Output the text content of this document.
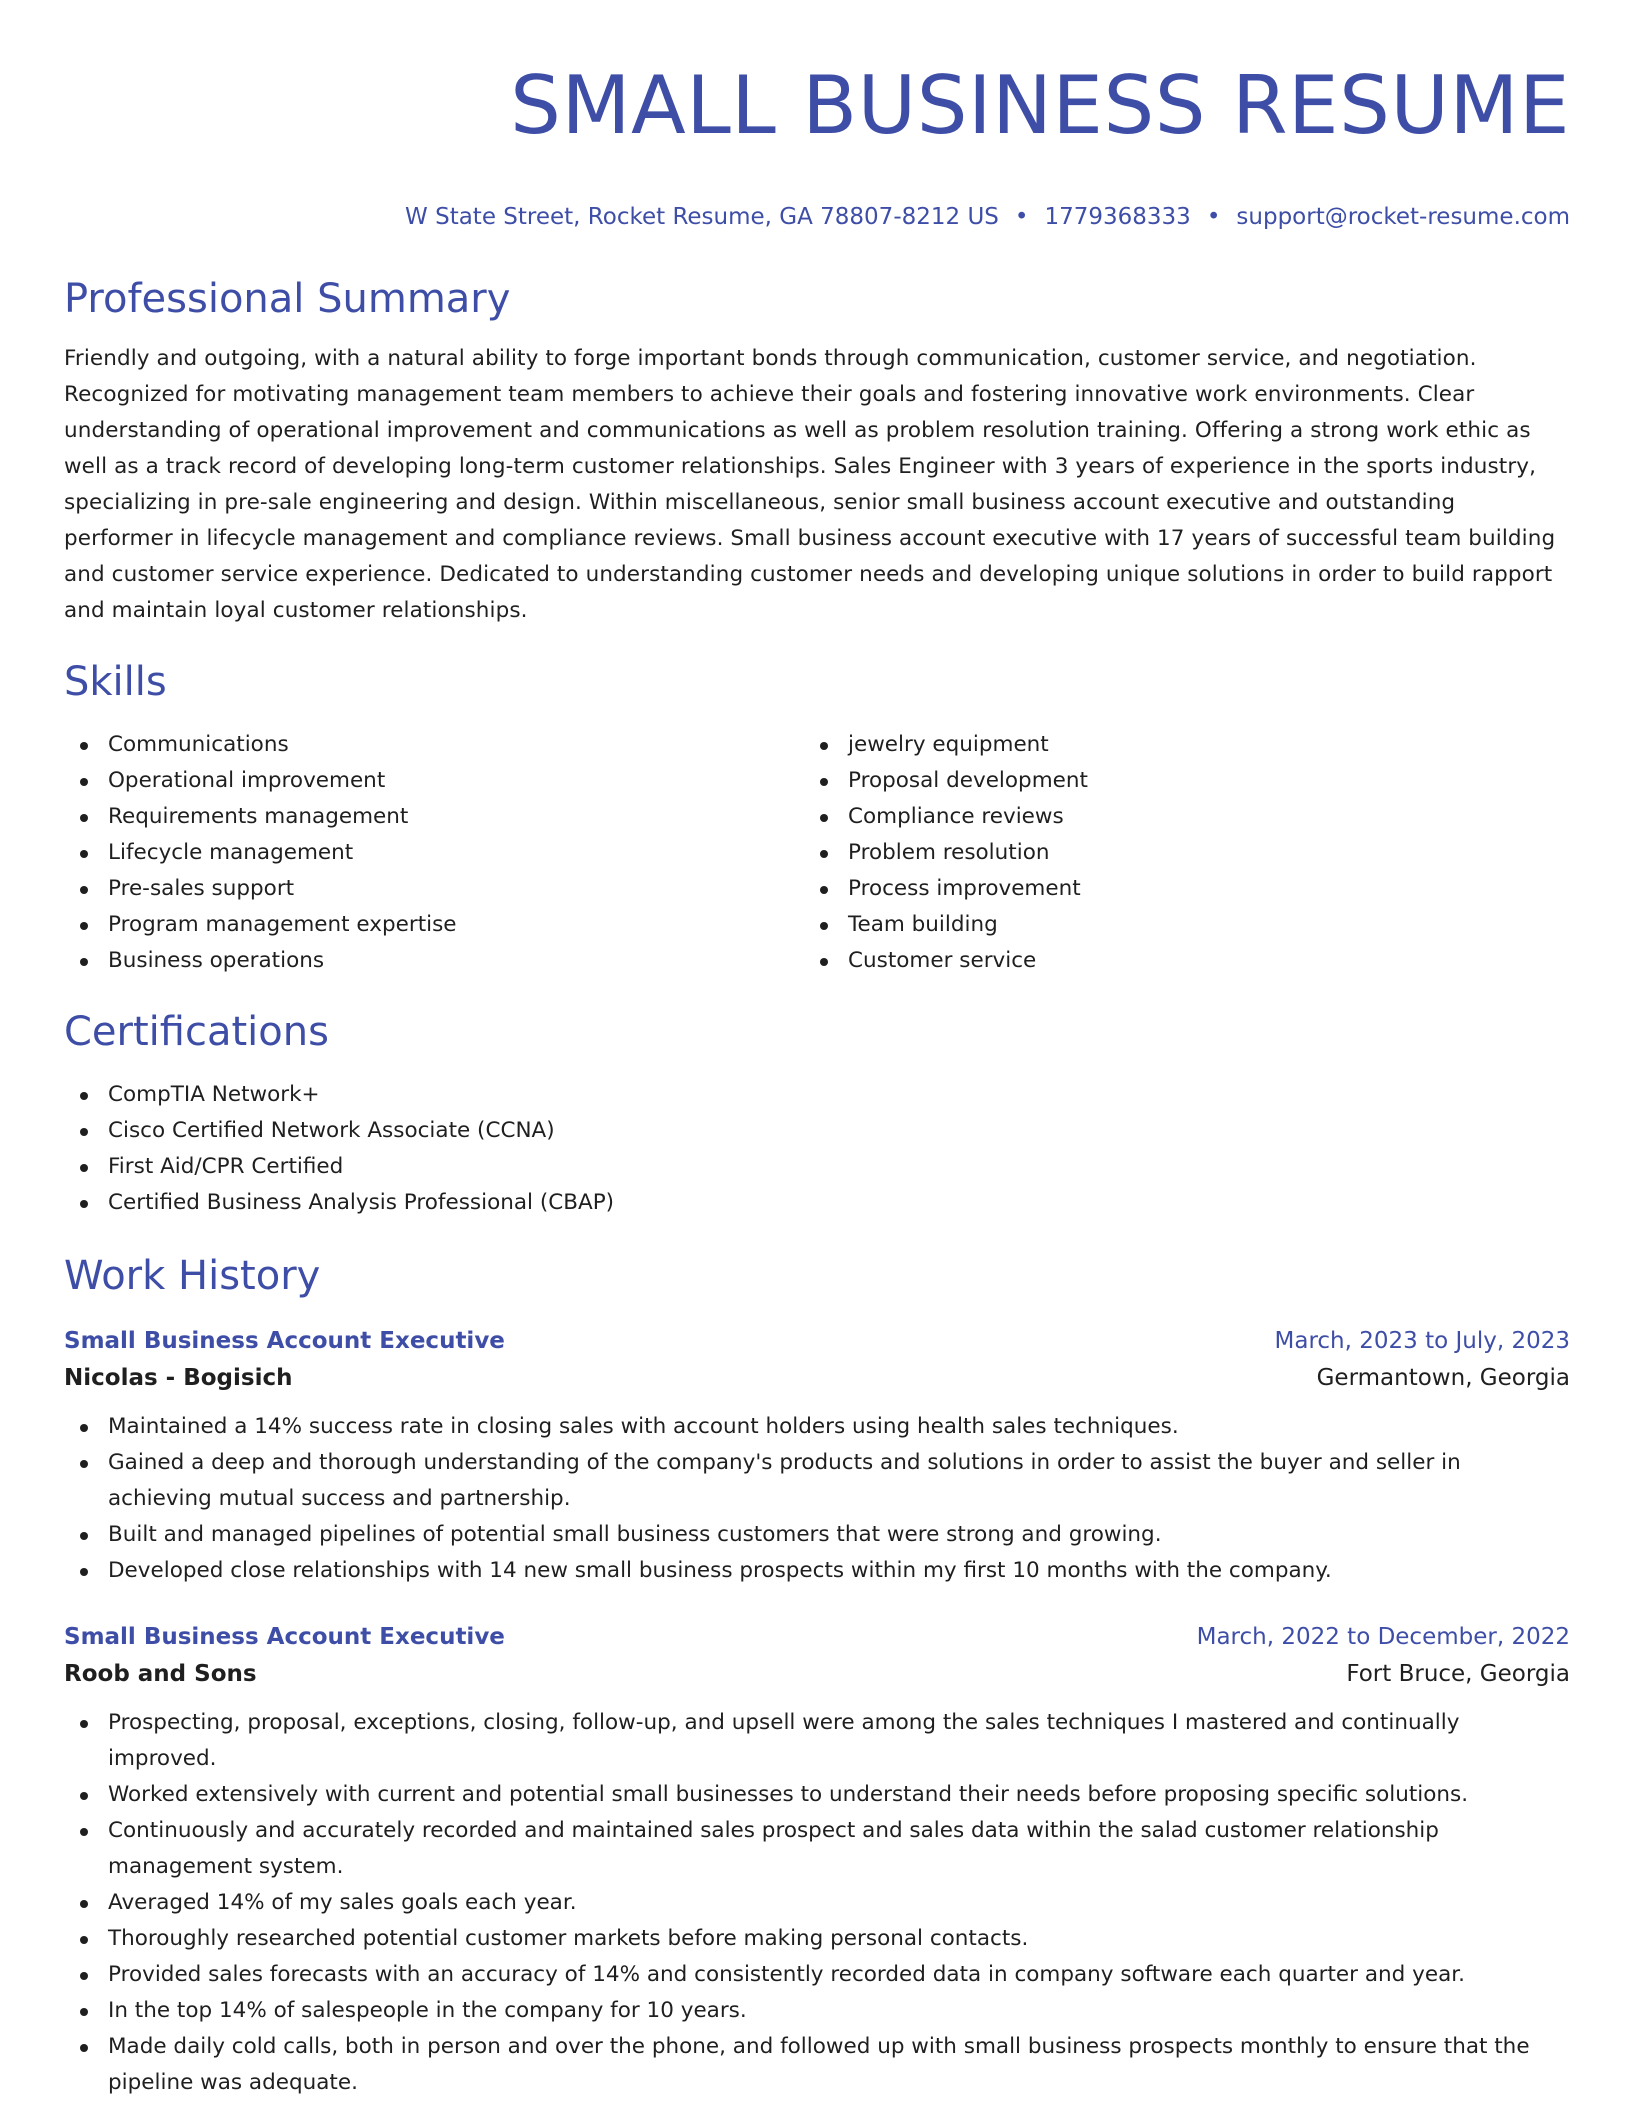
SMALL BUSINESS RESUME
W State Street, Rocket Resume, GA 78807-8212 US • 1779368333 • support@rocket-resume.com
Professional Summary
Friendly and outgoing, with a natural ability to forge important bonds through communication, customer service, and negotiation. Recognized for motivating management team members to achieve their goals and fostering innovative work environments. Clear understanding of operational improvement and communications as well as problem resolution training. Offering a strong work ethic as well as a track record of developing long-term customer relationships. Sales Engineer with 3 years of experience in the sports industry, specializing in pre-sale engineering and design. Within miscellaneous, senior small business account executive and outstanding performer in lifecycle management and compliance reviews. Small business account executive with 17 years of successful team building and customer service experience. Dedicated to understanding customer needs and developing unique solutions in order to build rapport and maintain loyal customer relationships.
Skills
Communications
Operational improvement
Requirements management
Lifecycle management
Pre-sales support
Program management expertise
Business operations
jewelry equipment
Proposal development
Compliance reviews
Problem resolution
Process improvement
Team building
Customer service
Certifications
CompTIA Network+
Cisco Certified Network Associate (CCNA)
First Aid/CPR Certified
Certified Business Analysis Professional (CBAP)
Work History
Small Business Account Executive	March, 2023 to July, 2023
Nicolas - Bogisich	Germantown, Georgia
Maintained a 14% success rate in closing sales with account holders using health sales techniques.
Gained a deep and thorough understanding of the company's products and solutions in order to assist the buyer and seller in achieving mutual success and partnership.
Built and managed pipelines of potential small business customers that were strong and growing.
Developed close relationships with 14 new small business prospects within my first 10 months with the company.
Small Business Account Executive	March, 2022 to December, 2022
Roob and Sons	Fort Bruce, Georgia
Prospecting, proposal, exceptions, closing, follow-up, and upsell were among the sales techniques I mastered and continually improved.
Worked extensively with current and potential small businesses to understand their needs before proposing specific solutions.
Continuously and accurately recorded and maintained sales prospect and sales data within the salad customer relationship management system.
Averaged 14% of my sales goals each year.
Thoroughly researched potential customer markets before making personal contacts.
Provided sales forecasts with an accuracy of 14% and consistently recorded data in company software each quarter and year.
In the top 14% of salespeople in the company for 10 years.
Made daily cold calls, both in person and over the phone, and followed up with small business prospects monthly to ensure that the pipeline was adequate.
